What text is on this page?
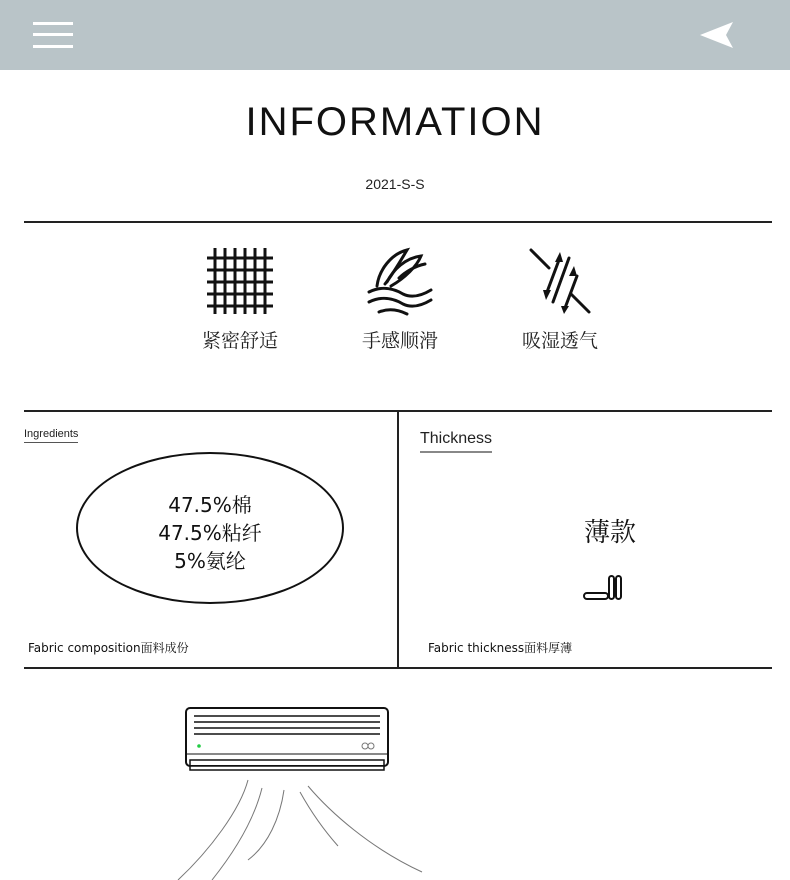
INFORMATION
2021-S-S
紧密舒适	手感顺滑	吸湿透气
Ingredients
47.5%棉
47.5%粘纤
5%氨纶
Fabric composition面料成份
Thickness
薄款
Fabric thickness面料厚薄
